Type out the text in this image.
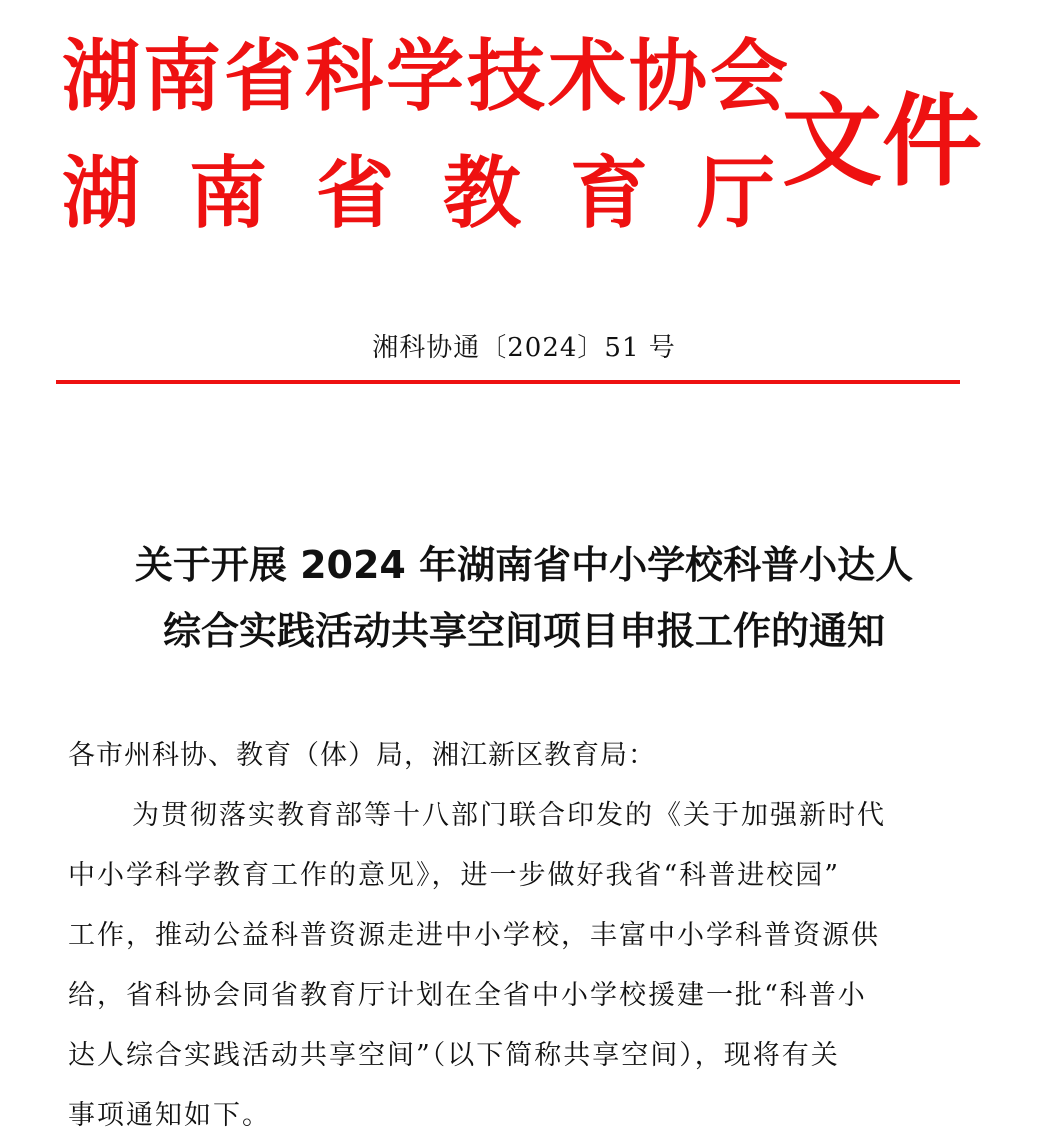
湖南省科学技术协会
湖南省教育厅
文件
湘科协通〔2024〕51 号
关于开展 2024 年湖南省中小学校科普小达人
综合实践活动共享空间项目申报工作的通知
各市州科协、教育（体）局，湘江新区教育局：
为贯彻落实教育部等十八部门联合印发的《关于加强新时代
中小学科学教育工作的意见》，进一步做好我省“科普进校园”
工作，推动公益科普资源走进中小学校，丰富中小学科普资源供
给，省科协会同省教育厅计划在全省中小学校援建一批“科普小
达人综合实践活动共享空间”（以下简称共享空间），现将有关
事项通知如下。
